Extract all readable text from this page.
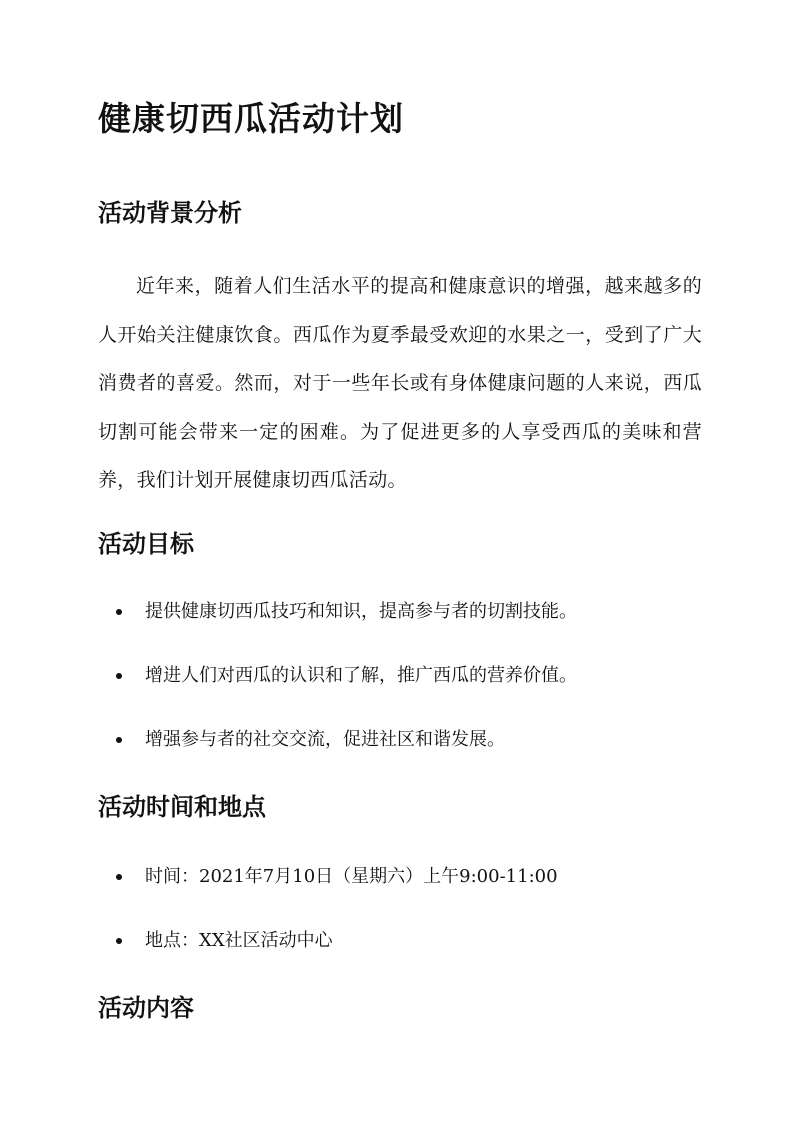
健康切西瓜活动计划
活动背景分析

近年来，随着人们生活水平的提高和健康意识的增强，越来越多的人开始关注健康饮食。西瓜作为夏季最受欢迎的水果之一，受到了广大消费者的喜爱。然而，对于一些年长或有身体健康问题的人来说，西瓜切割可能会带来一定的困难。为了促进更多的人享受西瓜的美味和营养，我们计划开展健康切西瓜活动。

活动目标
提供健康切西瓜技巧和知识，提高参与者的切割技能。
增进人们对西瓜的认识和了解，推广西瓜的营养价值。
增强参与者的社交交流，促进社区和谐发展。
活动时间和地点
时间：2021年7月10日（星期六）上午9:00-11:00
地点：XX社区活动中心
活动内容
